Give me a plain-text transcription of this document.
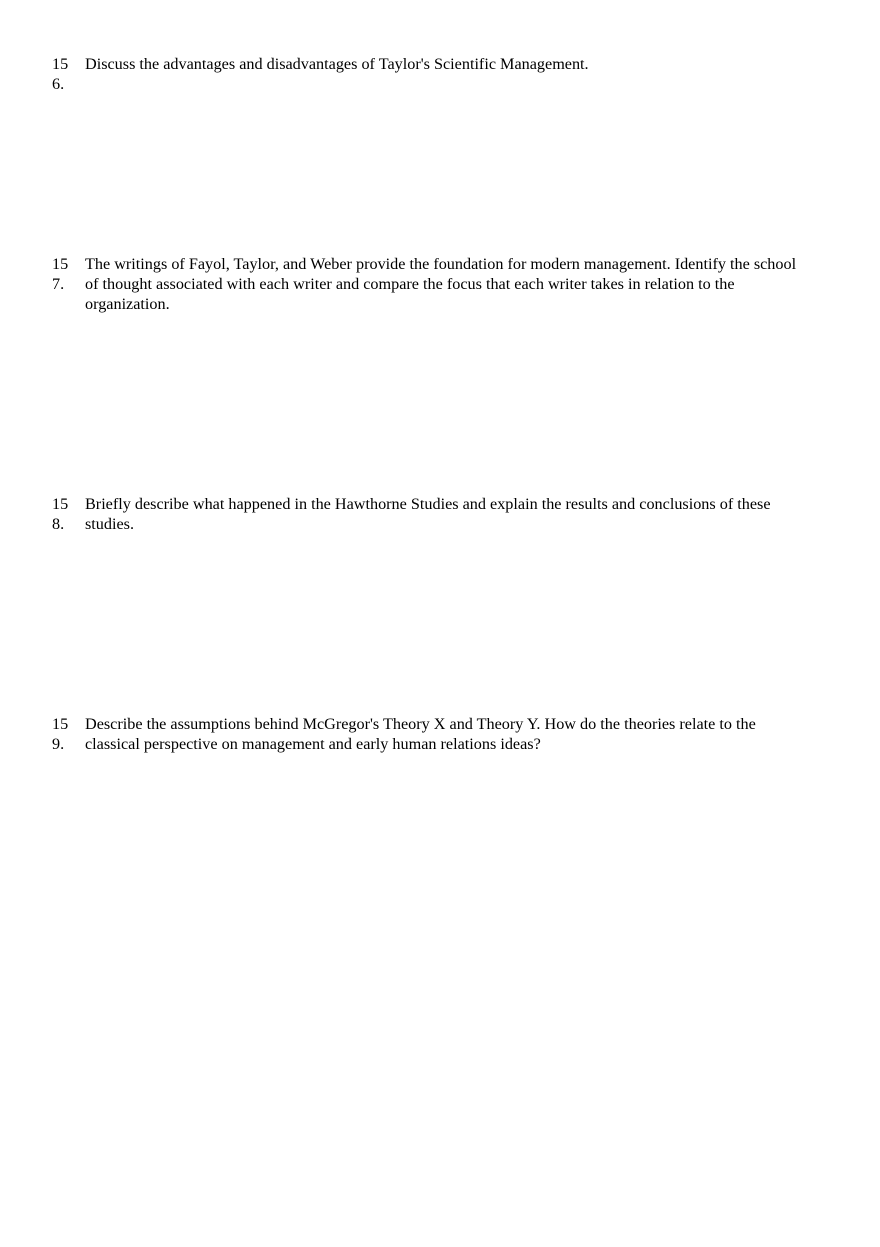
15
6.
Discuss the advantages and disadvantages of Taylor's Scientific Management.
15
7.
The writings of Fayol, Taylor, and Weber provide the foundation for modern management. Identify the school of thought associated with each writer and compare the focus that each writer takes in relation to the organization.
15
8.
Briefly describe what happened in the Hawthorne Studies and explain the results and conclusions of these studies.
15
9.
Describe the assumptions behind McGregor's Theory X and Theory Y. How do the theories relate to the classical perspective on management and early human relations ideas?
